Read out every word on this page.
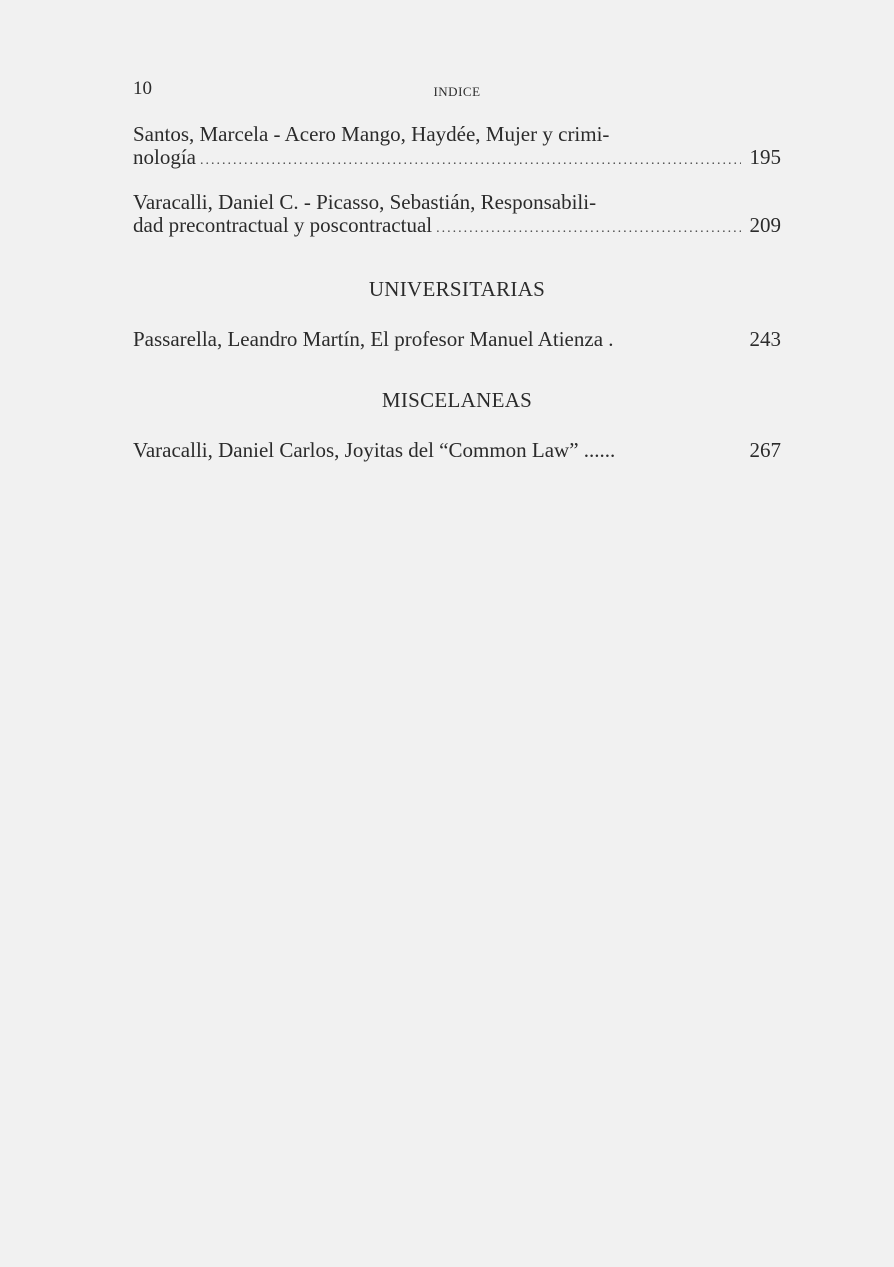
10	INDICE
Santos, Marcela - Acero Mango, Haydée, Mujer y crimi-
nología .....	195
Varacalli, Daniel C. - Picasso, Sebastián, Responsabili-
dad precontractual y poscontractual .....	209
UNIVERSITARIAS
Passarella, Leandro Martín, El profesor Manuel Atienza .	243
MISCELANEAS
Varacalli, Daniel Carlos, Joyitas del “Common Law” ......	267
